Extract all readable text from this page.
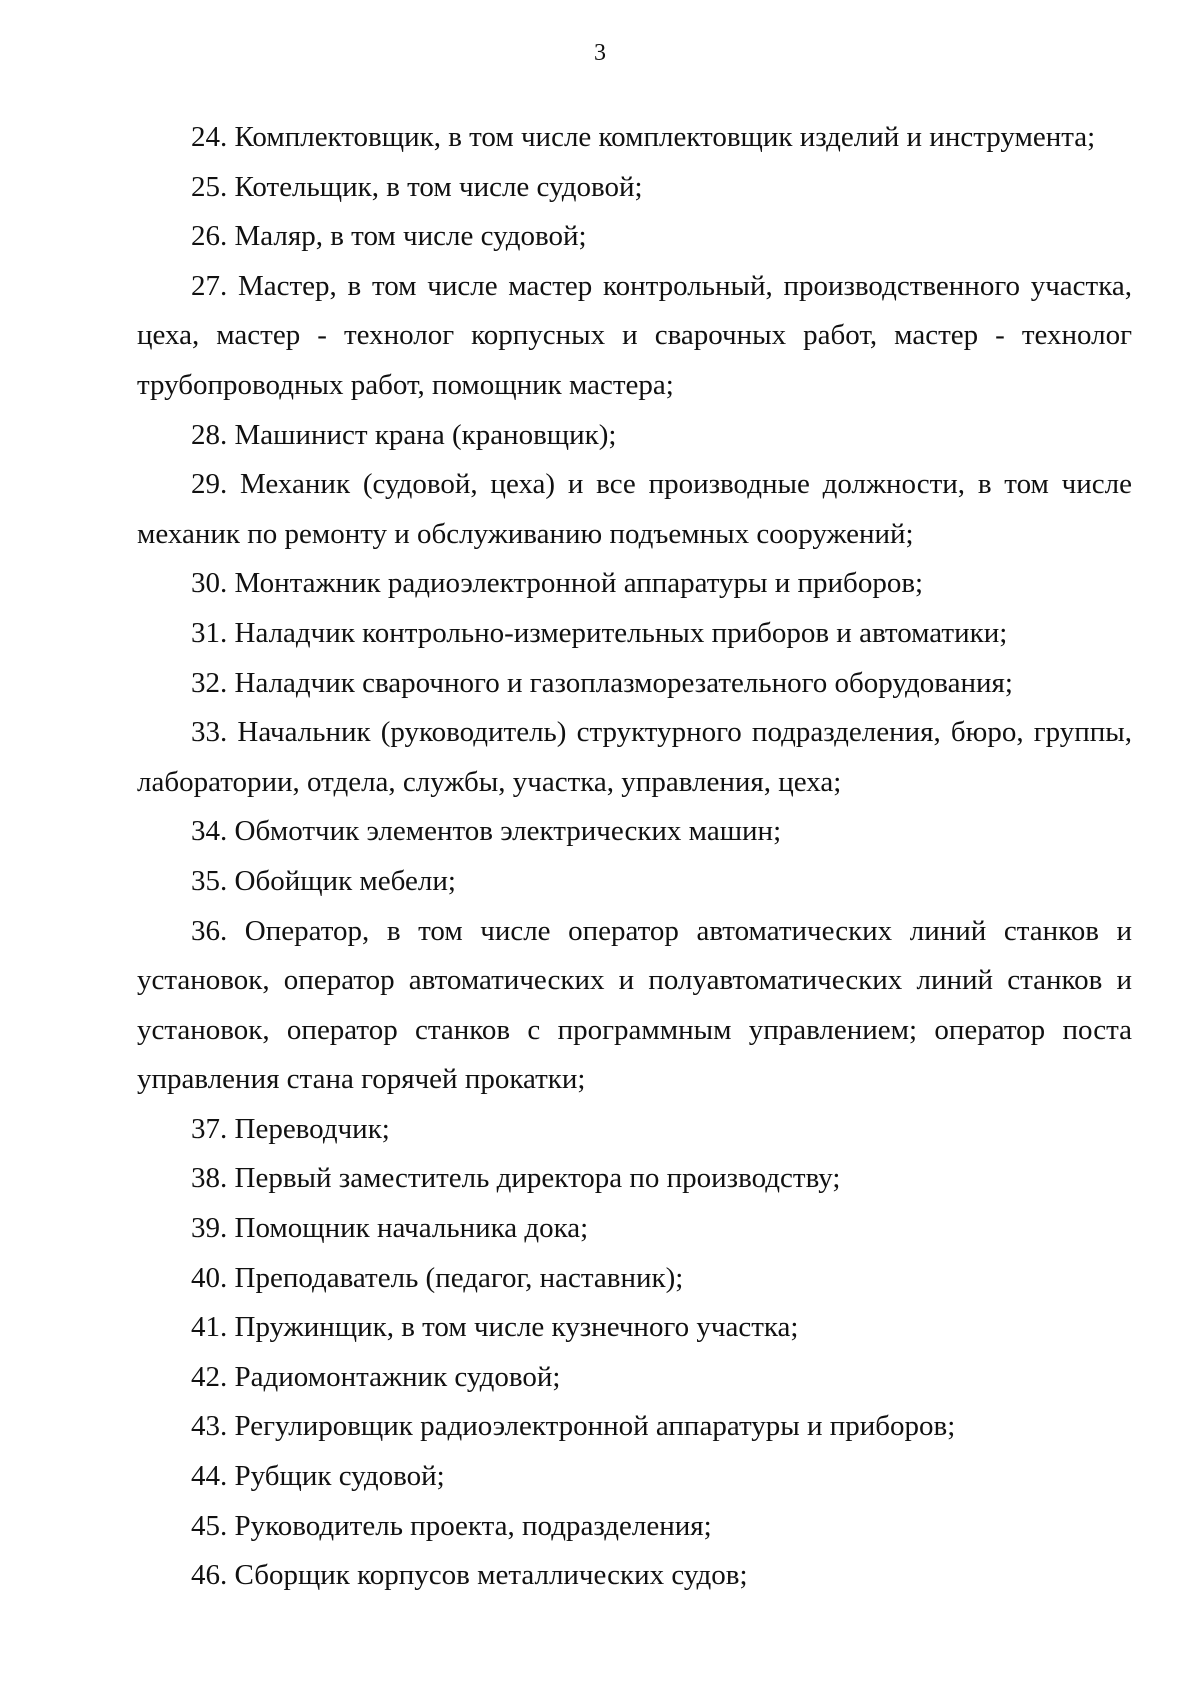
3

24. Комплектовщик, в том числе комплектовщик изделий и инструмента;

25. Котельщик, в том числе судовой;

26. Маляр, в том числе судовой;

27. Мастер, в том числе мастер контрольный, производственного участка, цеха, мастер - технолог корпусных и сварочных работ, мастер - технолог трубопроводных работ, помощник мастера;

28. Машинист крана (крановщик);

29. Механик (судовой, цеха) и все производные должности, в том числе механик по ремонту и обслуживанию подъемных сооружений;

30. Монтажник радиоэлектронной аппаратуры и приборов;

31. Наладчик контрольно-измерительных приборов и автоматики;

32. Наладчик сварочного и газоплазморезательного оборудования;

33. Начальник (руководитель) структурного подразделения, бюро, группы, лаборатории, отдела, службы, участка, управления, цеха;

34. Обмотчик элементов электрических машин;

35. Обойщик мебели;

36. Оператор, в том числе оператор автоматических линий станков и установок, оператор автоматических и полуавтоматических линий станков и установок, оператор станков с программным управлением; оператор поста управления стана горячей прокатки;

37. Переводчик;

38. Первый заместитель директора по производству;

39. Помощник начальника дока;

40. Преподаватель (педагог, наставник);

41. Пружинщик, в том числе кузнечного участка;

42. Радиомонтажник судовой;

43. Регулировщик радиоэлектронной аппаратуры и приборов;

44. Рубщик судовой;

45. Руководитель проекта, подразделения;

46. Сборщик корпусов металлических судов;
